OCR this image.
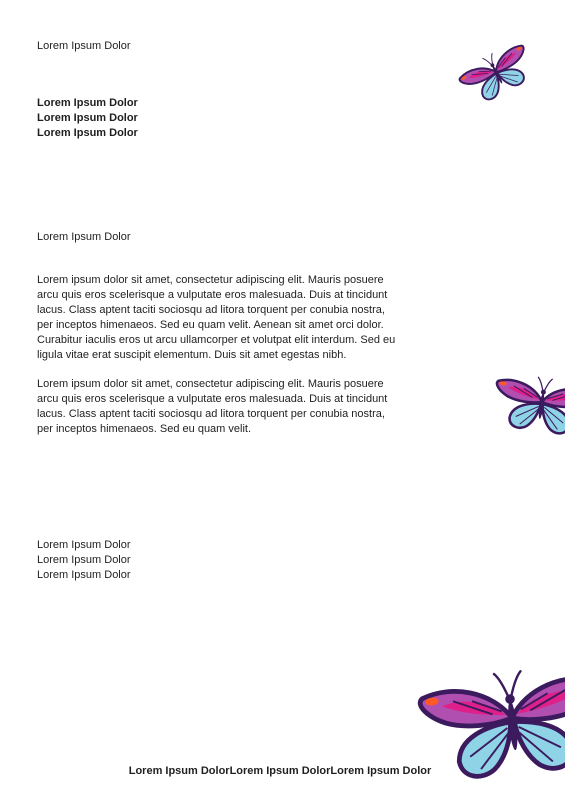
Lorem Ipsum Dolor
Lorem Ipsum Dolor
Lorem Ipsum Dolor
Lorem Ipsum Dolor
Lorem Ipsum Dolor

Lorem ipsum dolor sit amet, consectetur adipiscing elit. Mauris posuere arcu quis eros scelerisque a vulputate eros malesuada. Duis at tincidunt lacus. Class aptent taciti sociosqu ad litora torquent per conubia nostra, per inceptos himenaeos. Sed eu quam velit. Aenean sit amet orci dolor. Curabitur iaculis eros ut arcu ullamcorper et volutpat elit interdum. Sed eu ligula vitae erat suscipit elementum. Duis sit amet egestas nibh.

Lorem ipsum dolor sit amet, consectetur adipiscing elit. Mauris posuere arcu quis eros scelerisque a vulputate eros malesuada. Duis at tincidunt lacus. Class aptent taciti sociosqu ad litora torquent per conubia nostra, per inceptos himenaeos. Sed eu quam velit.

Lorem Ipsum Dolor
Lorem Ipsum Dolor
Lorem Ipsum Dolor
Lorem Ipsum DolorLorem Ipsum DolorLorem Ipsum Dolor
